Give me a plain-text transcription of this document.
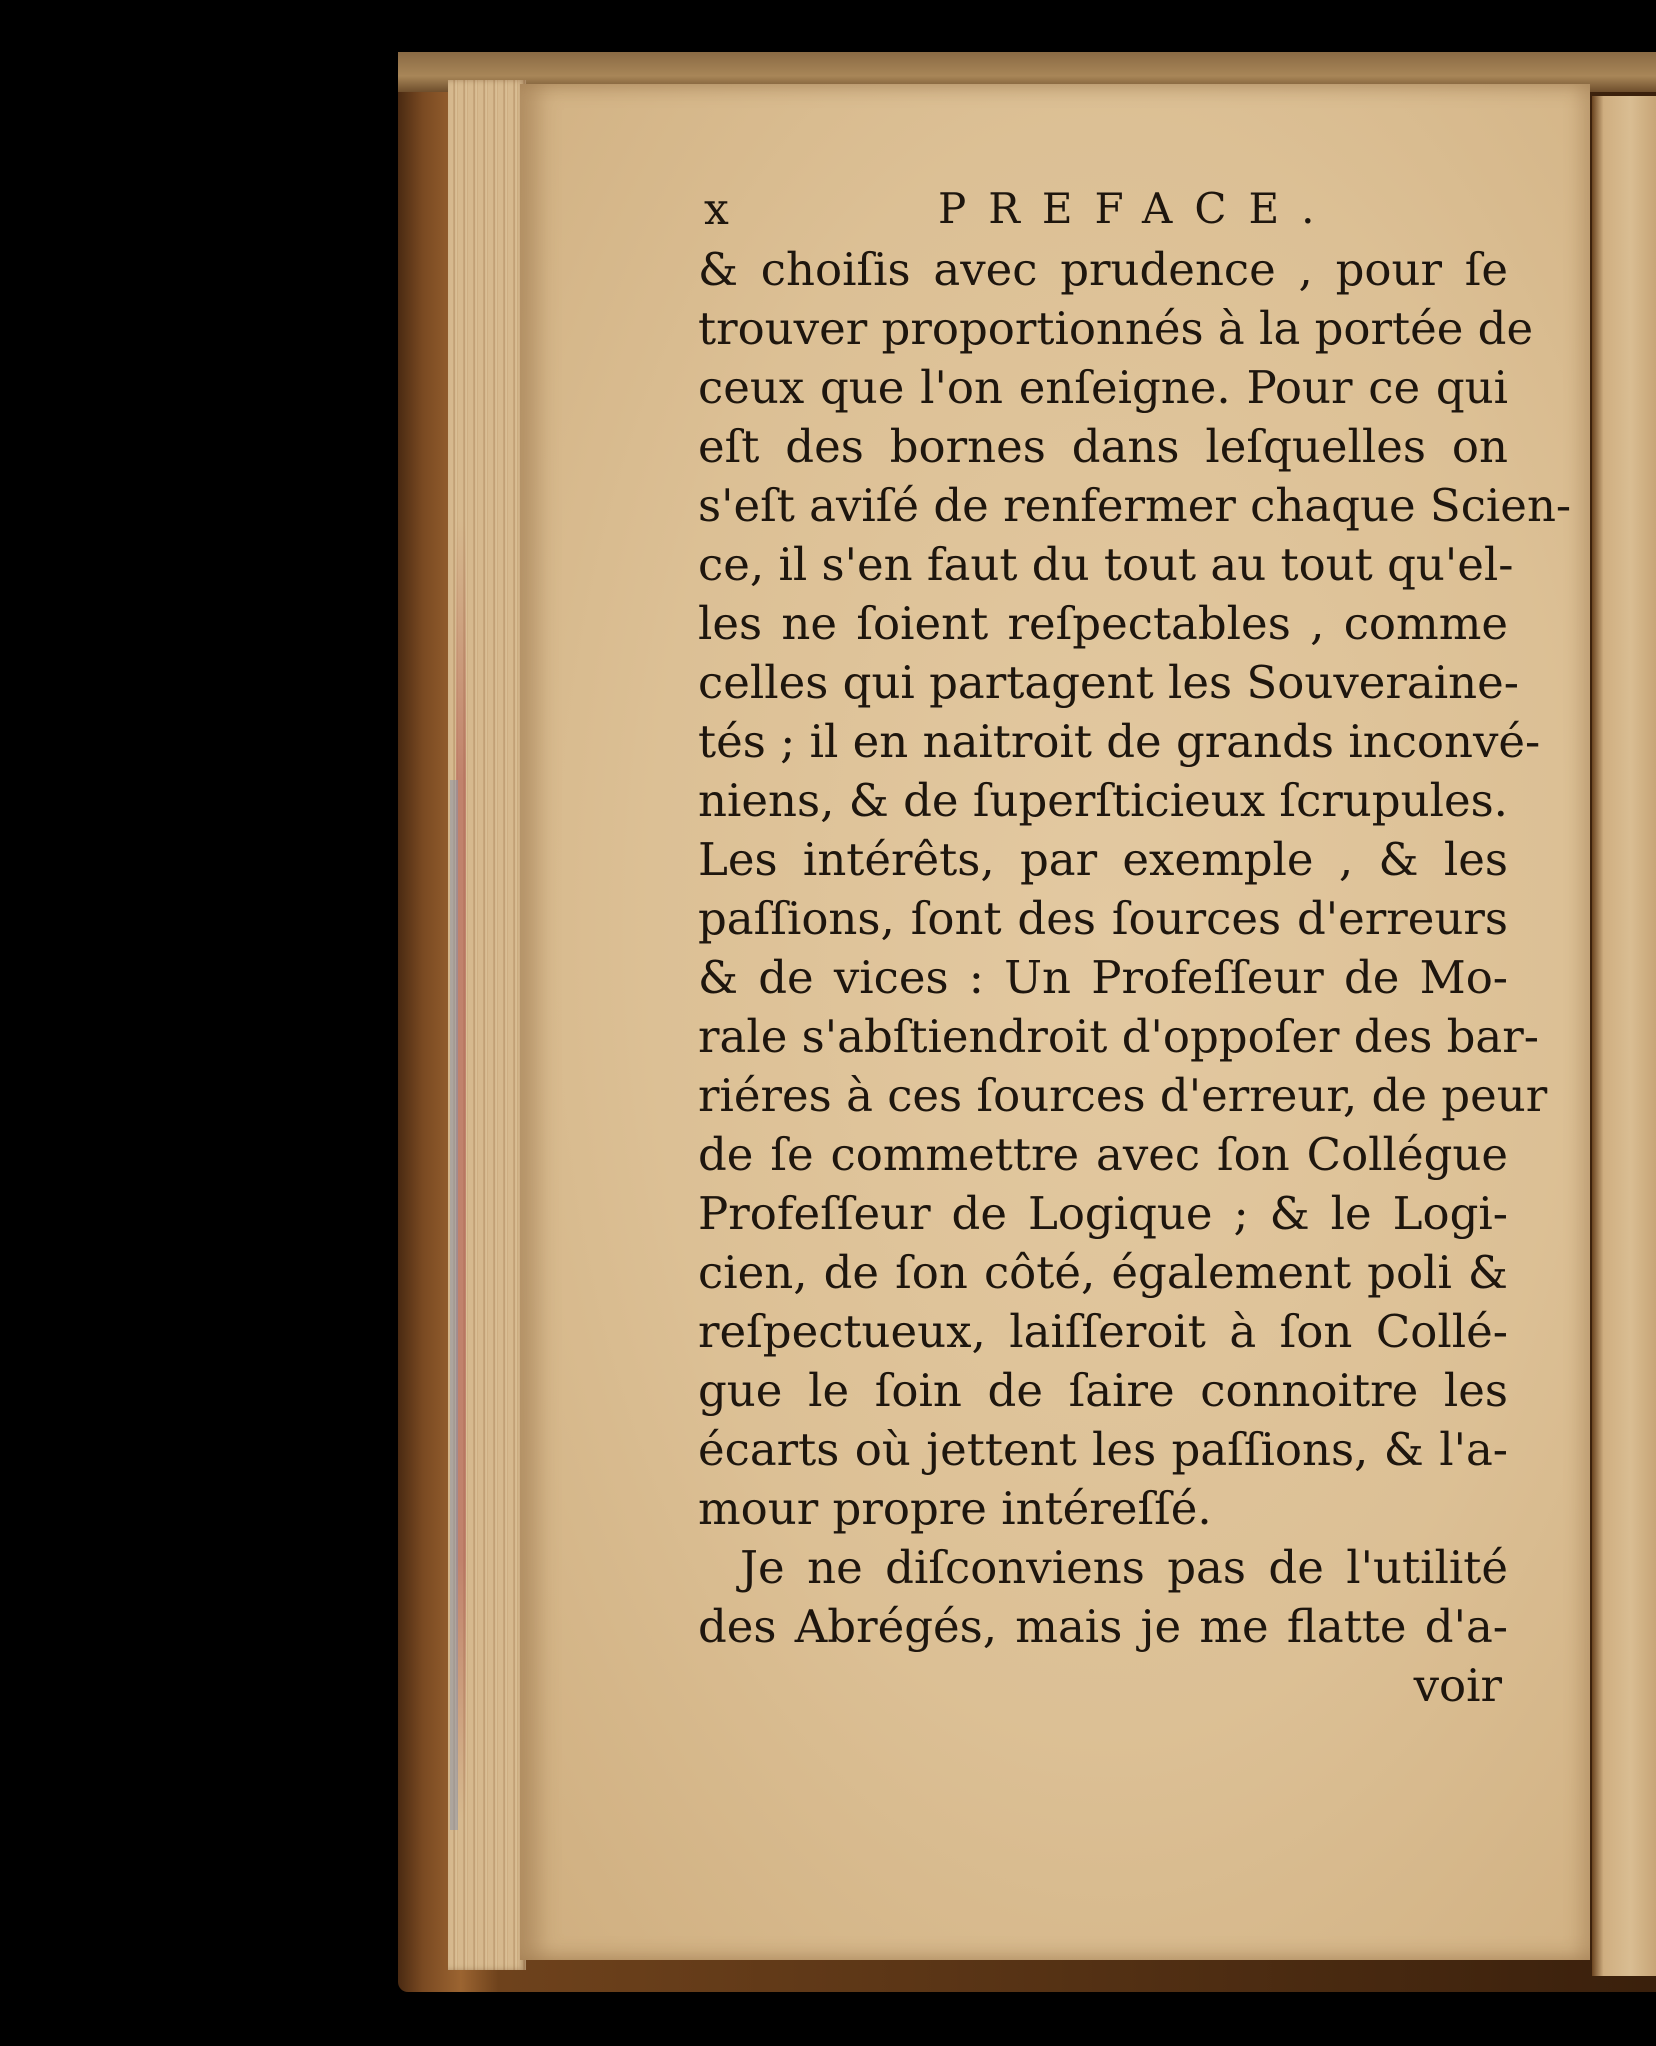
x	PREFACE.
& choiſis avec prudence , pour ſe
trouver proportionnés à la portée de
ceux que l'on enſeigne. Pour ce qui
eſt des bornes dans leſquelles on
s'eſt aviſé de renfermer chaque Scien-
ce, il s'en faut du tout au tout qu'el-
les ne ſoient reſpectables , comme
celles qui partagent les Souveraine-
tés ; il en naitroit de grands inconvé-
niens, & de ſuperſticieux ſcrupules.
Les intérêts, par exemple , & les
paſſions, ſont des ſources d'erreurs
& de vices : Un Profeſſeur de Mo-
rale s'abſtiendroit d'oppoſer des bar-
riéres à ces ſources d'erreur, de peur
de ſe commettre avec ſon Collégue
Profeſſeur de Logique ; & le Logi-
cien, de ſon côté, également poli &
reſpectueux, laiſſeroit à ſon Collé-
gue le ſoin de ſaire connoitre les
écarts où jettent les paſſions, & l'a-
mour propre intéreſſé.
Je ne diſconviens pas de l'utilité
des Abrégés, mais je me flatte d'a-
voir
